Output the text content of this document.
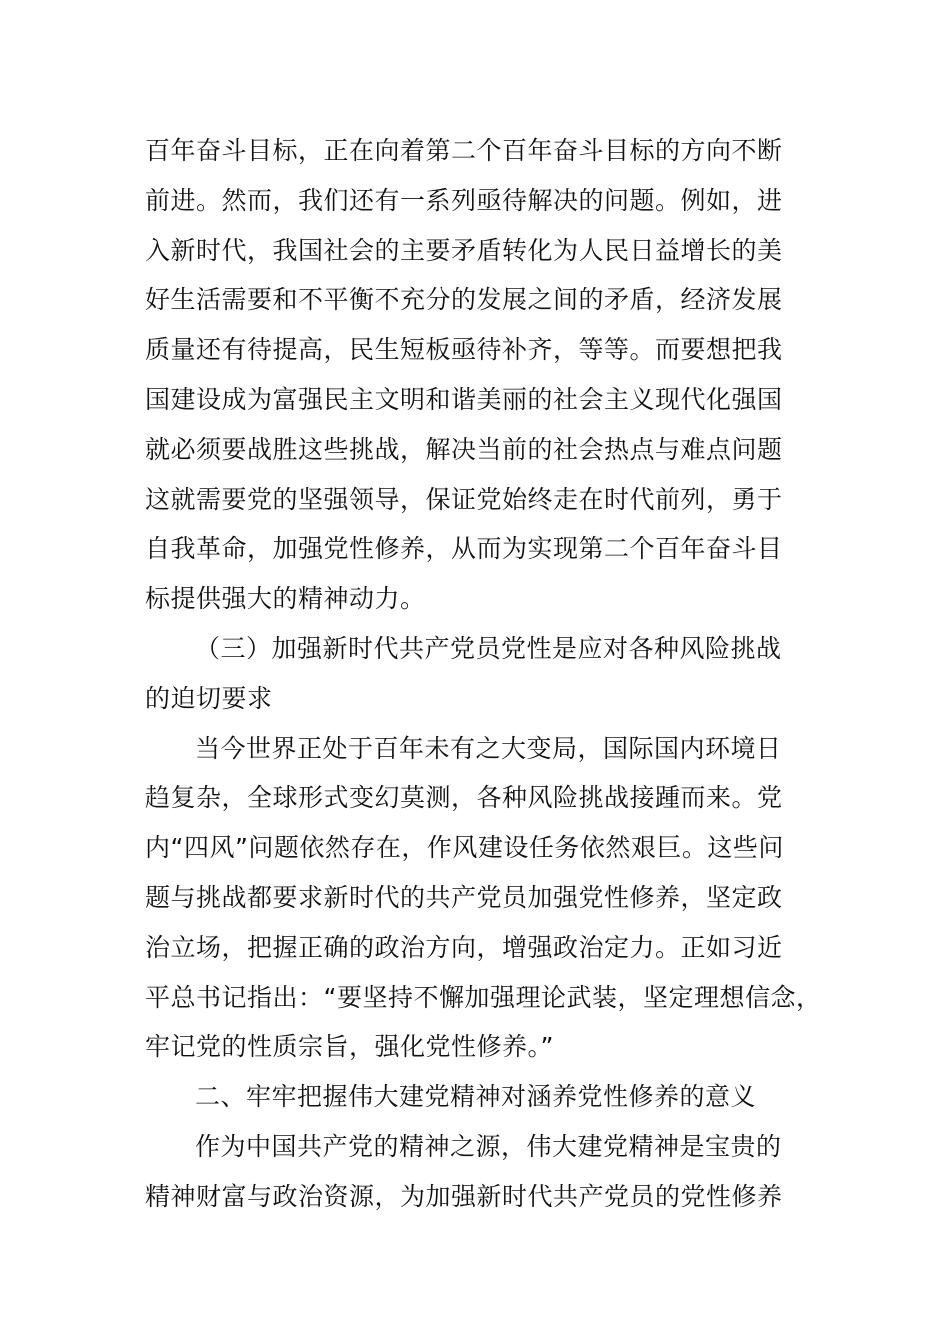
百年奋斗目标，正在向着第二个百年奋斗目标的方向不断
前进。然而，我们还有一系列亟待解决的问题。例如，进
入新时代，我国社会的主要矛盾转化为人民日益增长的美
好生活需要和不平衡不充分的发展之间的矛盾，经济发展
质量还有待提高，民生短板亟待补齐，等等。而要想把我
国建设成为富强民主文明和谐美丽的社会主义现代化强国
就必须要战胜这些挑战，解决当前的社会热点与难点问题
这就需要党的坚强领导，保证党始终走在时代前列，勇于
自我革命，加强党性修养，从而为实现第二个百年奋斗目
标提供强大的精神动力。
（三）加强新时代共产党员党性是应对各种风险挑战
的迫切要求
当今世界正处于百年未有之大变局，国际国内环境日
趋复杂，全球形式变幻莫测，各种风险挑战接踵而来。党
内“四风”问题依然存在，作风建设任务依然艰巨。这些问
题与挑战都要求新时代的共产党员加强党性修养，坚定政
治立场，把握正确的政治方向，增强政治定力。正如习近
平总书记指出：“要坚持不懈加强理论武装，坚定理想信念，
牢记党的性质宗旨，强化党性修养。”
二、牢牢把握伟大建党精神对涵养党性修养的意义
作为中国共产党的精神之源，伟大建党精神是宝贵的
精神财富与政治资源，为加强新时代共产党员的党性修养
